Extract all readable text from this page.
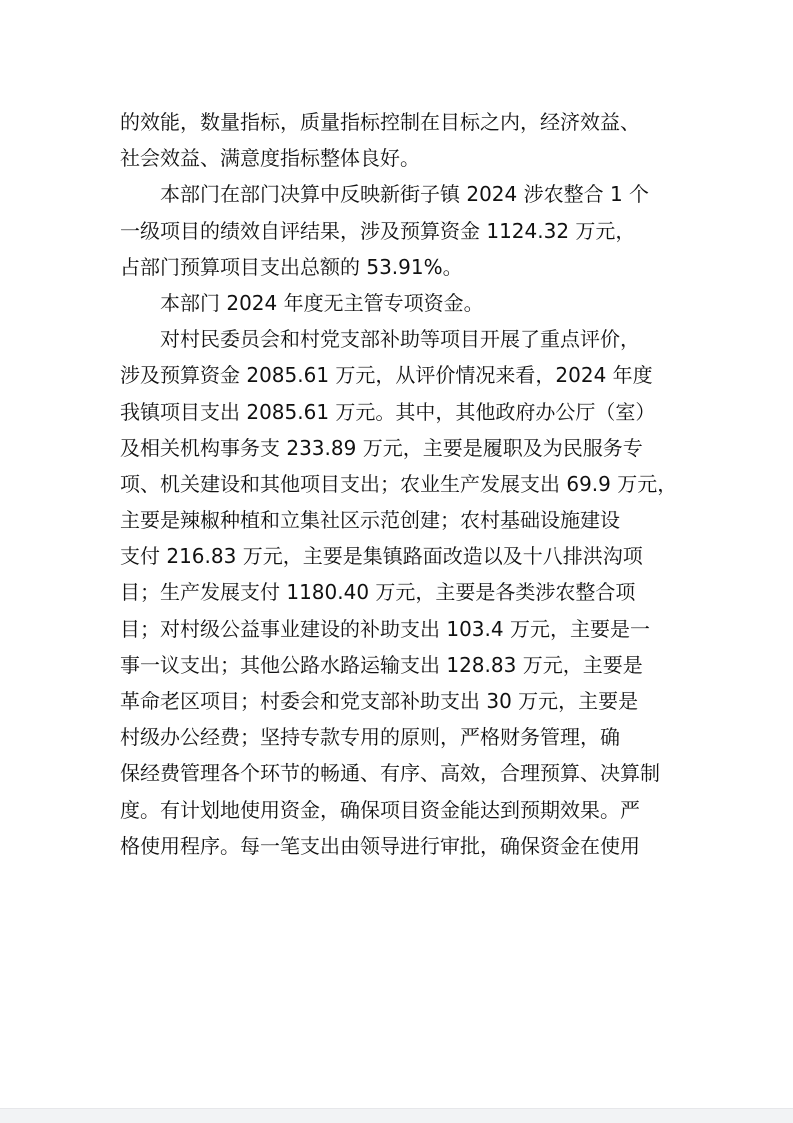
的效能，数量指标，质量指标控制在目标之内，经济效益、
社会效益、满意度指标整体良好。
　　本部门在部门决算中反映新街子镇 2024 涉农整合 1 个
一级项目的绩效自评结果，涉及预算资金 1124.32 万元，
占部门预算项目支出总额的 53.91%。
　　本部门 2024 年度无主管专项资金。
　　对村民委员会和村党支部补助等项目开展了重点评价，
涉及预算资金 2085.61 万元，从评价情况来看，2024 年度
我镇项目支出 2085.61 万元。其中，其他政府办公厅（室）
及相关机构事务支 233.89 万元，主要是履职及为民服务专
项、机关建设和其他项目支出；农业生产发展支出 69.9 万元，
主要是辣椒种植和立集社区示范创建；农村基础设施建设
支付 216.83 万元，主要是集镇路面改造以及十八排洪沟项
目；生产发展支付 1180.40 万元，主要是各类涉农整合项
目；对村级公益事业建设的补助支出 103.4 万元，主要是一
事一议支出；其他公路水路运输支出 128.83 万元，主要是
革命老区项目；村委会和党支部补助支出 30 万元，主要是
村级办公经费；坚持专款专用的原则，严格财务管理，确
保经费管理各个环节的畅通、有序、高效，合理预算、决算制
度。有计划地使用资金，确保项目资金能达到预期效果。严
格使用程序。每一笔支出由领导进行审批，确保资金在使用
